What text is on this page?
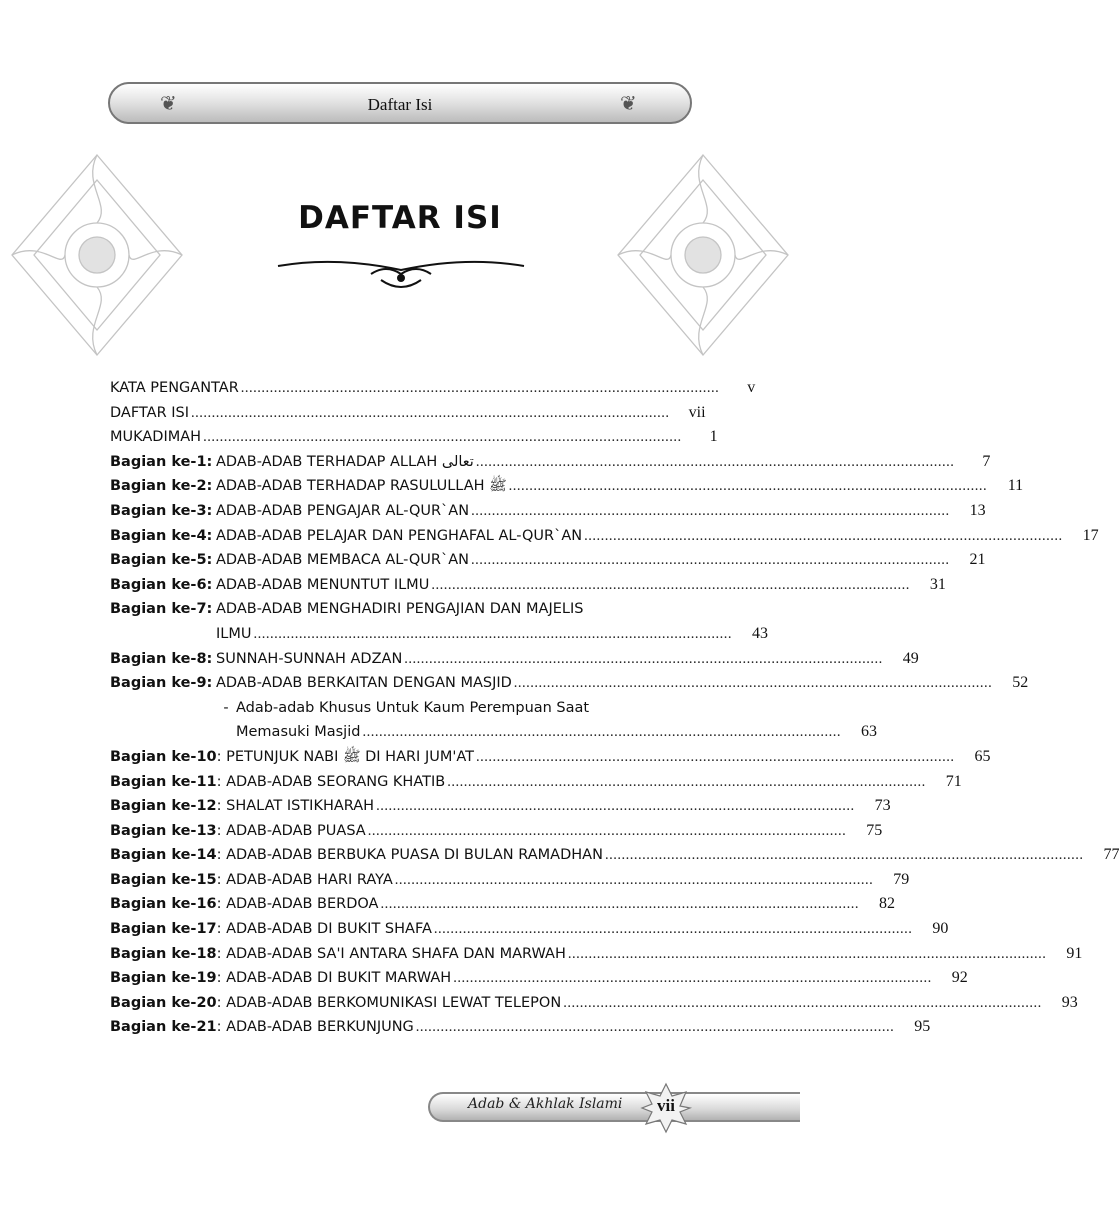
Daftar Isi
❦	❦
DAFTAR ISI
KATA PENGANTAR ....................................................................................................................	v
DAFTAR ISI ....................................................................................................................	vii
MUKADIMAH ....................................................................................................................	1
Bagian ke-1: ADAB-ADAB TERHADAP ALLAH تعالى ....................................................................................................................	7
Bagian ke-2: ADAB-ADAB TERHADAP RASULULLAH ﷺ ....................................................................................................................	11
Bagian ke-3: ADAB-ADAB PENGAJAR AL-QUR`AN ....................................................................................................................	13
Bagian ke-4: ADAB-ADAB PELAJAR DAN PENGHAFAL AL-QUR`AN ....................................................................................................................	17
Bagian ke-5: ADAB-ADAB MEMBACA AL-QUR`AN ....................................................................................................................	21
Bagian ke-6: ADAB-ADAB MENUNTUT ILMU ....................................................................................................................	31
Bagian ke-7: ADAB-ADAB MENGHADIRI PENGAJIAN DAN MAJELIS
ILMU ....................................................................................................................	43
Bagian ke-8: SUNNAH-SUNNAH ADZAN ....................................................................................................................	49
Bagian ke-9: ADAB-ADAB BERKAITAN DENGAN MASJID ....................................................................................................................	52
- Adab-adab Khusus Untuk Kaum Perempuan Saat
Memasuki Masjid ....................................................................................................................	63
Bagian ke-10 : PETUNJUK NABI ﷺ DI HARI JUM'AT ....................................................................................................................	65
Bagian ke-11 : ADAB-ADAB SEORANG KHATIB ....................................................................................................................	71
Bagian ke-12 : SHALAT ISTIKHARAH ....................................................................................................................	73
Bagian ke-13 : ADAB-ADAB PUASA ....................................................................................................................	75
Bagian ke-14 : ADAB-ADAB BERBUKA PUASA DI BULAN RAMADHAN ....................................................................................................................	77
Bagian ke-15 : ADAB-ADAB HARI RAYA ....................................................................................................................	79
Bagian ke-16 : ADAB-ADAB BERDOA ....................................................................................................................	82
Bagian ke-17 : ADAB-ADAB DI BUKIT SHAFA ....................................................................................................................	90
Bagian ke-18 : ADAB-ADAB SA'I ANTARA SHAFA DAN MARWAH ....................................................................................................................	91
Bagian ke-19 : ADAB-ADAB DI BUKIT MARWAH ....................................................................................................................	92
Bagian ke-20 : ADAB-ADAB BERKOMUNIKASI LEWAT TELEPON ....................................................................................................................	93
Bagian ke-21 : ADAB-ADAB BERKUNJUNG ....................................................................................................................	95
Adab & Akhlak Islami	vii
